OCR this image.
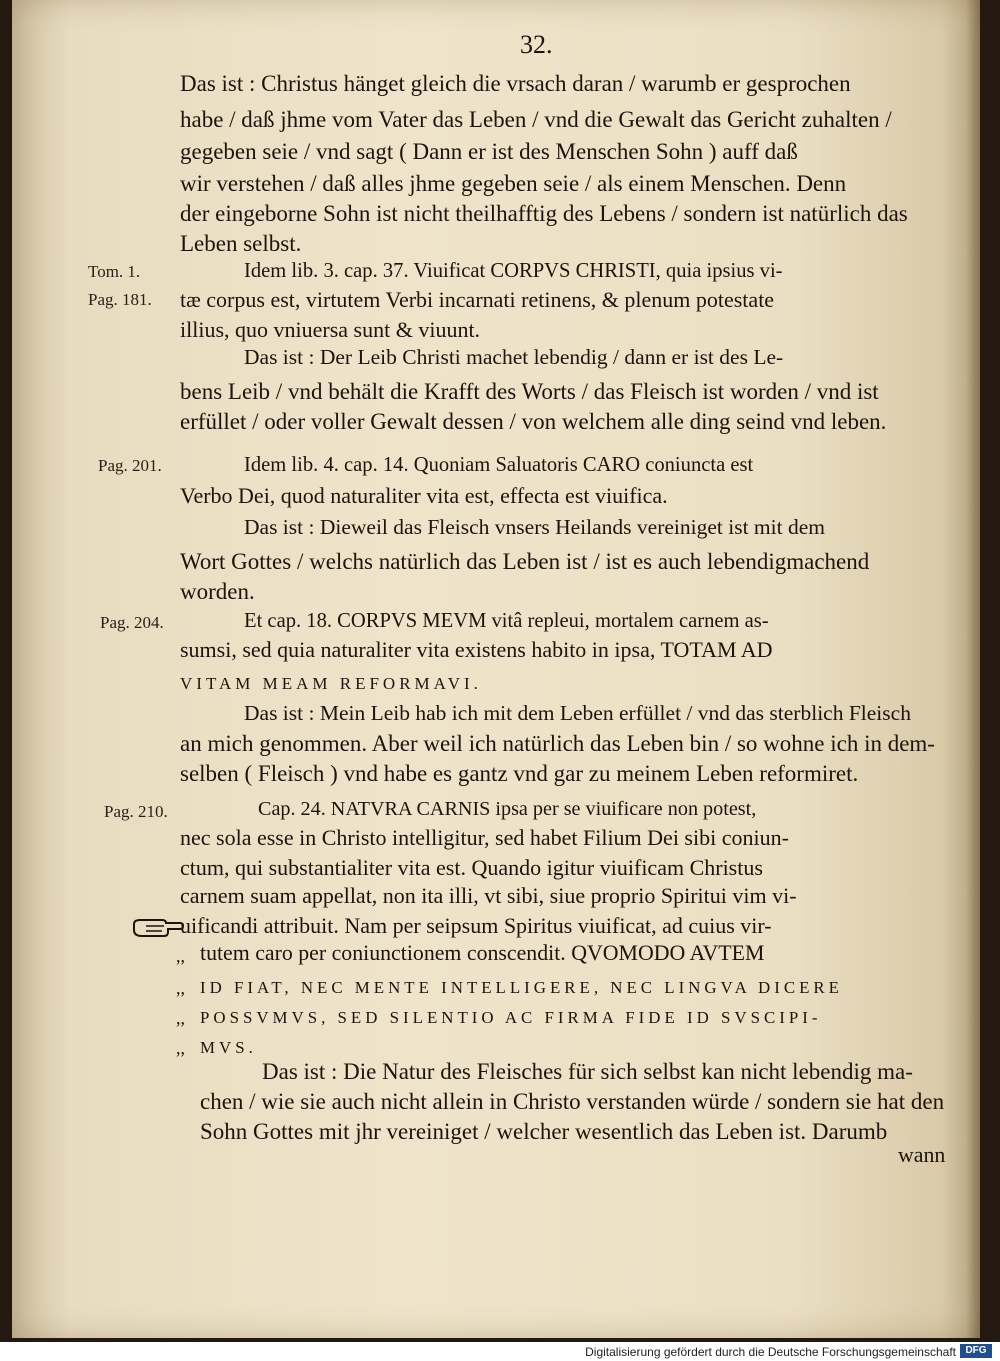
32.
Tom. 1.
Pag. 181.
Pag. 201.
Pag. 204.
Pag. 210.
,,
,,
,,
,,
Das ist : Christus hänget gleich die vrsach daran / warumb er gesprochen
habe / daß jhme vom Vater das Leben / vnd die Gewalt das Gericht zuhalten /
gegeben seie / vnd sagt ( Dann er ist des Menschen Sohn ) auff daß
wir verstehen / daß alles jhme gegeben seie / als einem Menschen. Denn
der eingeborne Sohn ist nicht theilhafftig des Lebens / sondern ist natürlich das
Leben selbst.
Idem lib. 3. cap. 37. Viuificat CORPVS CHRISTI, quia ipsius vi-
tæ corpus est, virtutem Verbi incarnati retinens, & plenum potestate
illius, quo vniuersa sunt & viuunt.
Das ist : Der Leib Christi machet lebendig / dann er ist des Le-
bens Leib / vnd behält die Krafft des Worts / das Fleisch ist worden / vnd ist
erfüllet / oder voller Gewalt dessen / von welchem alle ding seind vnd leben.
Idem lib. 4. cap. 14. Quoniam Saluatoris CARO coniuncta est
Verbo Dei, quod naturaliter vita est, effecta est viuifica.
Das ist : Dieweil das Fleisch vnsers Heilands vereiniget ist mit dem
Wort Gottes / welchs natürlich das Leben ist / ist es auch lebendigmachend
worden.
Et cap. 18. CORPVS MEVM vitâ repleui, mortalem carnem as-
sumsi, sed quia naturaliter vita existens habito in ipsa, TOTAM AD
VITAM MEAM REFORMAVI.
Das ist : Mein Leib hab ich mit dem Leben erfüllet / vnd das sterblich Fleisch
an mich genommen. Aber weil ich natürlich das Leben bin / so wohne ich in dem-
selben ( Fleisch ) vnd habe es gantz vnd gar zu meinem Leben reformiret.
Cap. 24. NATVRA CARNIS ipsa per se viuificare non potest,
nec sola esse in Christo intelligitur, sed habet Filium Dei sibi coniun-
ctum, qui substantialiter vita est. Quando igitur viuificam Christus
carnem suam appellat, non ita illi, vt sibi, siue proprio Spiritui vim vi-
uificandi attribuit. Nam per seipsum Spiritus viuificat, ad cuius vir-
tutem caro per coniunctionem conscendit. QVOMODO AVTEM
ID FIAT, NEC MENTE INTELLIGERE, NEC LINGVA DICERE
POSSVMVS, SED SILENTIO AC FIRMA FIDE ID SVSCIPI-
MVS.
Das ist : Die Natur des Fleisches für sich selbst kan nicht lebendig ma-
chen / wie sie auch nicht allein in Christo verstanden würde / sondern sie hat den
Sohn Gottes mit jhr vereiniget / welcher wesentlich das Leben ist. Darumb
wann
Digitalisierung gefördert durch die Deutsche Forschungsgemeinschaft DFG
